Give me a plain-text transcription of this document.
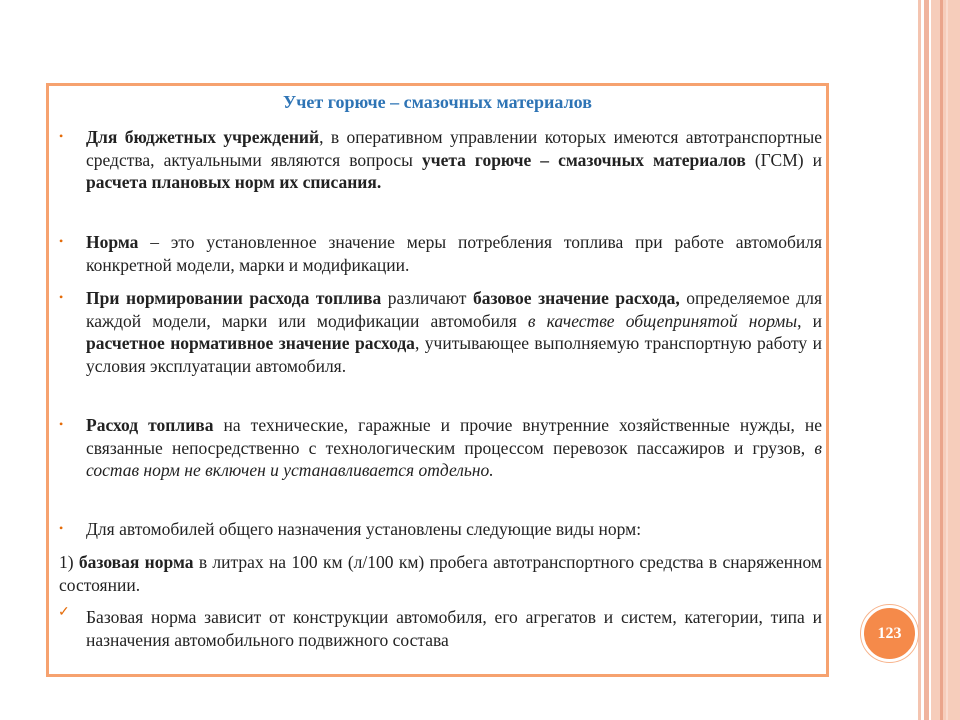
Учет горюче – смазочных материалов
• Для бюджетных учреждений, в оперативном управлении которых имеются автотранспортные средства, актуальными являются вопросы учета горюче – смазочных материалов (ГСМ) и расчета плановых норм их списания.
• Норма – это установленное значение меры потребления топлива при работе автомобиля конкретной модели, марки и модификации.
• При нормировании расхода топлива различают базовое значение расхода, определяемое для каждой модели, марки или модификации автомобиля в качестве общепринятой нормы, и расчетное нормативное значение расхода, учитывающее выполняемую транспортную работу и условия эксплуатации автомобиля.
• Расход топлива на технические, гаражные и прочие внутренние хозяйственные нужды, не связанные непосредственно с технологическим процессом перевозок пассажиров и грузов, в состав норм не включен и устанавливается отдельно.
• Для автомобилей общего назначения установлены следующие виды норм:
1) базовая норма в литрах на 100 км (л/100 км) пробега автотранспортного средства в снаряженном состоянии.
✓ Базовая норма зависит от конструкции автомобиля, его агрегатов и систем, категории, типа и назначения автомобильного подвижного состава	123
